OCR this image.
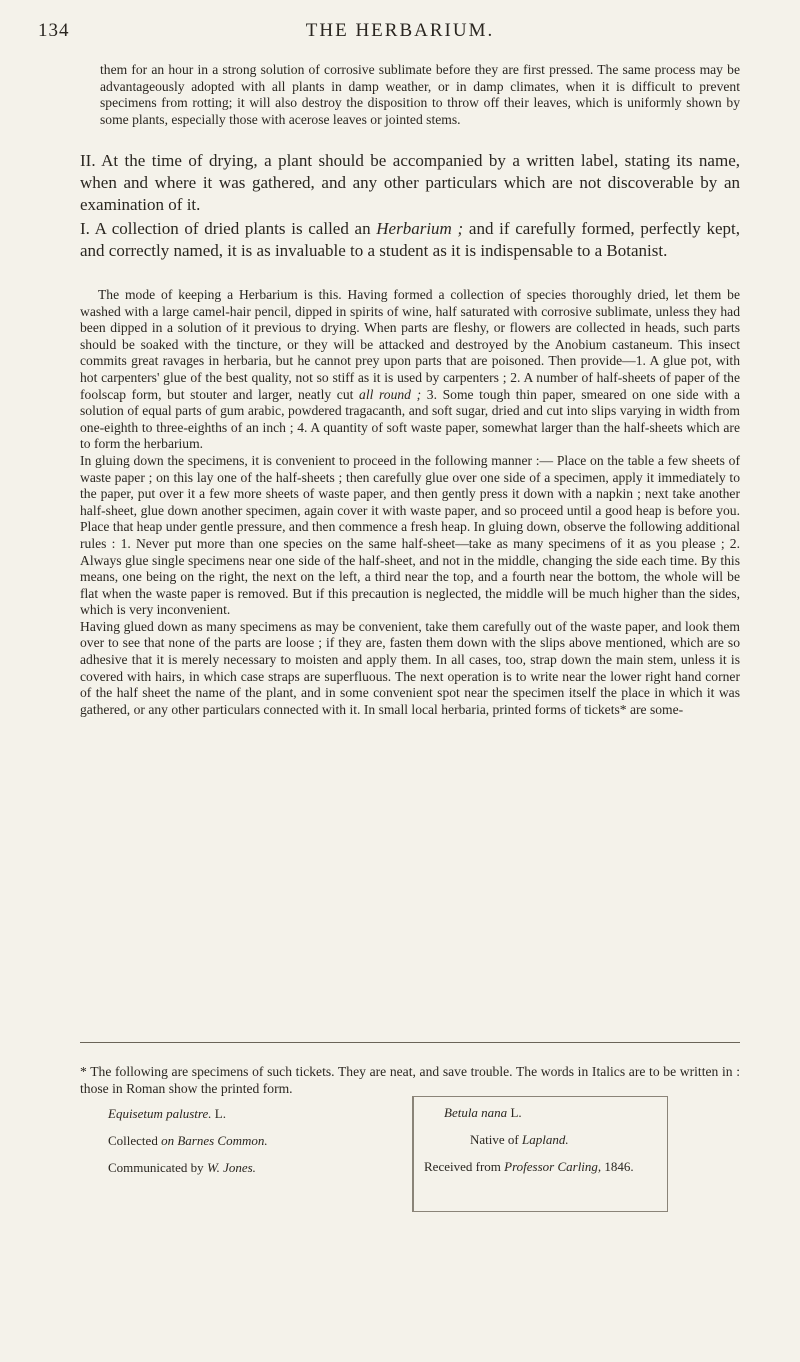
134	THE HERBARIUM.

them for an hour in a strong solution of corrosive sublimate before they are first pressed. The same process may be advantageously adopted with all plants in damp weather, or in damp climates, when it is difficult to prevent specimens from rotting; it will also destroy the disposition to throw off their leaves, which is uniformly shown by some plants, especially those with acerose leaves or jointed stems.

II. At the time of drying, a plant should be accompanied by a written label, stating its name, when and where it was gathered, and any other particulars which are not discoverable by an examination of it.

I. A collection of dried plants is called an Herbarium ; and if carefully formed, perfectly kept, and correctly named, it is as invaluable to a student as it is indispensable to a Botanist.

The mode of keeping a Herbarium is this. Having formed a collection of species thoroughly dried, let them be washed with a large camel-hair pencil, dipped in spirits of wine, half saturated with corrosive sublimate, unless they had been dipped in a solution of it previous to drying. When parts are fleshy, or flowers are collected in heads, such parts should be soaked with the tincture, or they will be attacked and destroyed by the Anobium castaneum. This insect commits great ravages in herbaria, but he cannot prey upon parts that are poisoned. Then provide—1. A glue pot, with hot carpenters' glue of the best quality, not so stiff as it is used by carpenters ; 2. A number of half-sheets of paper of the foolscap form, but stouter and larger, neatly cut all round ; 3. Some tough thin paper, smeared on one side with a solution of equal parts of gum arabic, powdered tragacanth, and soft sugar, dried and cut into slips varying in width from one-eighth to three-eighths of an inch ; 4. A quantity of soft waste paper, somewhat larger than the half-sheets which are to form the herbarium.

In gluing down the specimens, it is convenient to proceed in the following manner :— Place on the table a few sheets of waste paper ; on this lay one of the half-sheets ; then carefully glue over one side of a specimen, apply it immediately to the paper, put over it a few more sheets of waste paper, and then gently press it down with a napkin ; next take another half-sheet, glue down another specimen, again cover it with waste paper, and so proceed until a good heap is before you. Place that heap under gentle pressure, and then commence a fresh heap. In gluing down, observe the following additional rules : 1. Never put more than one species on the same half-sheet—take as many specimens of it as you please ; 2. Always glue single specimens near one side of the half-sheet, and not in the middle, changing the side each time. By this means, one being on the right, the next on the left, a third near the top, and a fourth near the bottom, the whole will be flat when the waste paper is removed. But if this precaution is neglected, the middle will be much higher than the sides, which is very inconvenient.

Having glued down as many specimens as may be convenient, take them carefully out of the waste paper, and look them over to see that none of the parts are loose ; if they are, fasten them down with the slips above mentioned, which are so adhesive that it is merely necessary to moisten and apply them. In all cases, too, strap down the main stem, unless it is covered with hairs, in which case straps are superfluous. The next operation is to write near the lower right hand corner of the half sheet the name of the plant, and in some convenient spot near the specimen itself the place in which it was gathered, or any other particulars connected with it. In small local herbaria, printed forms of tickets* are some-

* The following are specimens of such tickets. They are neat, and save trouble. The words in Italics are to be written in : those in Roman show the printed form.

Equisetum palustre. L.
Collected on Barnes Common.
Communicated by W. Jones.
Betula nana L.
Native of Lapland.
Received from Professor Carling, 1846.
